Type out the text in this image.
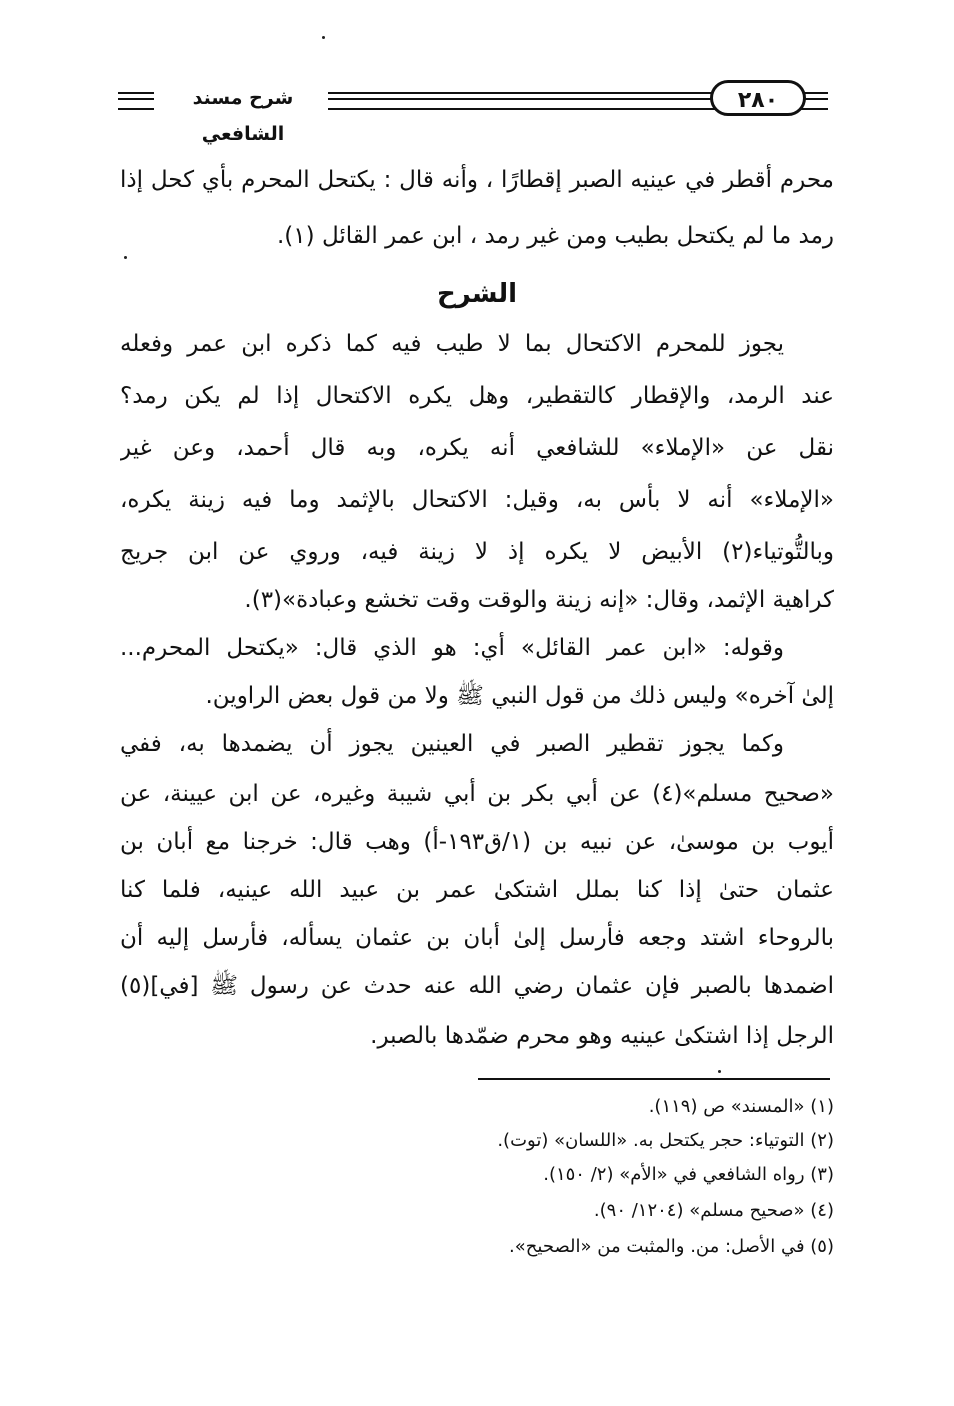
شرح مسند الشافعي
٢٨٠
محرم أقطر في عينيه الصبر إقطارًا ، وأنه قال : يكتحل المحرم بأي كحل إذا
رمد ما لم يكتحل بطيب ومن غير رمد ، ابن عمر القائل (١).
الشرح
يجوز للمحرم الاكتحال بما لا طيب فيه كما ذكره ابن عمر وفعله
عند الرمد، والإقطار كالتقطير، وهل يكره الاكتحال إذا لم يكن رمد؟
نقل عن «الإملاء» للشافعي أنه يكره، وبه قال أحمد، وعن غير
«الإملاء» أنه لا بأس به، وقيل: الاكتحال بالإثمد وما فيه زينة يكره،
وبالتُّوتياء(٢) الأبيض لا يكره إذ لا زينة فيه، وروي عن ابن جريج
كراهية الإثمد، وقال: «إنه زينة والوقت وقت تخشع وعبادة»(٣).
وقوله: «ابن عمر القائل» أي: هو الذي قال: «يكتحل المحرم...
إلىٰ آخره» وليس ذلك من قول النبي ﷺ ولا من قول بعض الراوين.
وكما يجوز تقطير الصبر في العينين يجوز أن يضمدها به، ففي
«صحيح مسلم»(٤) عن أبي بكر بن أبي شيبة وغيره، عن ابن عيينة، عن
أيوب بن موسىٰ، عن نبيه بن (١/ق١٩٣-أ) وهب قال: خرجنا مع أبان بن
عثمان حتىٰ إذا كنا بملل اشتكىٰ عمر بن عبيد الله عينيه، فلما كنا
بالروحاء اشتد وجعه فأرسل إلىٰ أبان بن عثمان يسأله، فأرسل إليه أن
اضمدها بالصبر فإن عثمان رضي الله عنه حدث عن رسول ﷺ [في](٥)
الرجل إذا اشتكىٰ عينيه وهو محرم ضمّدها بالصبر.
(١) «المسند» ص (١١٩).
(٢) التوتياء: حجر يكتحل به. «اللسان» (توت).
(٣) رواه الشافعي في «الأم» (٢/ ١٥٠).
(٤) «صحيح مسلم» (١٢٠٤/ ٩٠).
(٥) في الأصل: من. والمثبت من «الصحيح».
